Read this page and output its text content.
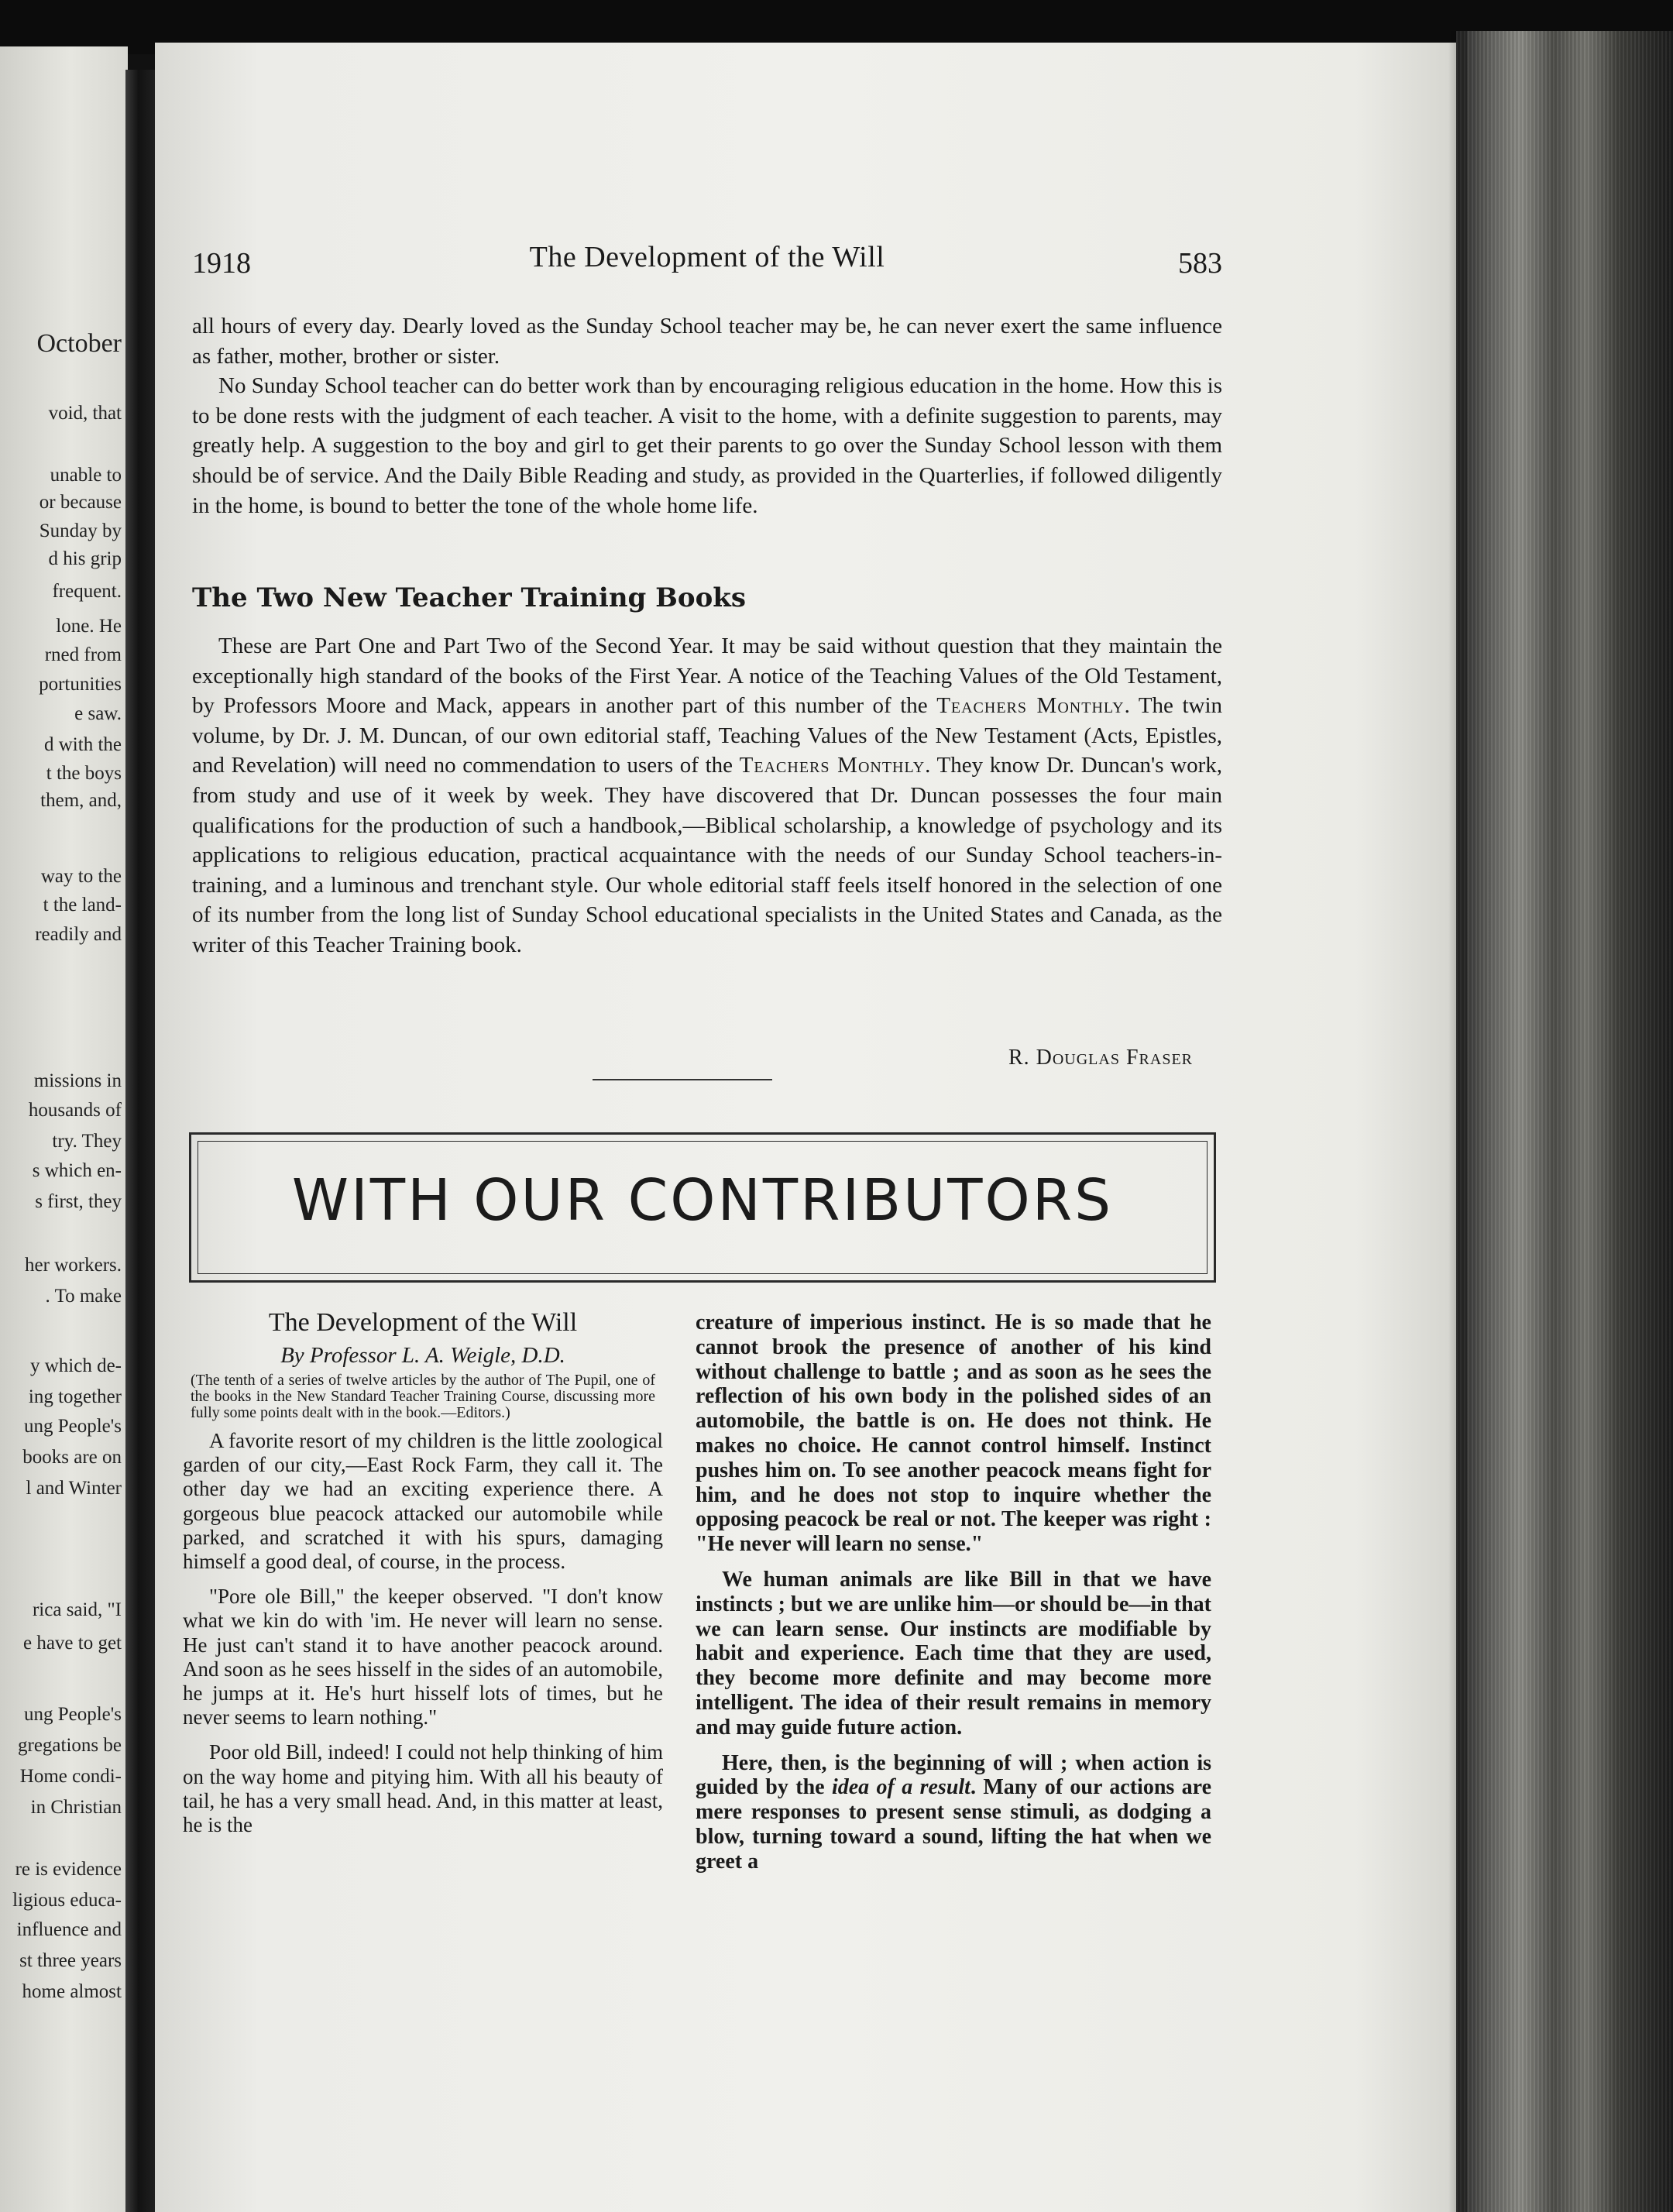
October
void, that
unable to
or because
Sunday by
d his grip
frequent.
lone. He
rned from
portunities
e saw.
d with the
t the boys
them, and,
way to the
t the land-
readily and
missions in
housands of
try. They
s which en-
s first, they
her workers.
. To make
y which de-
ing together
ung People's
books are on
l and Winter
rica said, "I
e have to get
ung People's
gregations be
Home condi-
in Christian
re is evidence
ligious educa-
influence and
st three years
home almost
1918	The Development of the Will	583

all hours of every day. Dearly loved as the Sunday School teacher may be, he can never exert the same influence as father, mother, brother or sister.

No Sunday School teacher can do better work than by encouraging religious education in the home. How this is to be done rests with the judgment of each teacher. A visit to the home, with a definite suggestion to parents, may greatly help. A suggestion to the boy and girl to get their parents to go over the Sunday School lesson with them should be of service. And the Daily Bible Reading and study, as provided in the Quarterlies, if followed diligently in the home, is bound to better the tone of the whole home life.

The Two New Teacher Training Books

These are Part One and Part Two of the Second Year. It may be said without question that they maintain the exceptionally high standard of the books of the First Year. A notice of the Teaching Values of the Old Testament, by Professors Moore and Mack, appears in another part of this number of the Teachers Monthly. The twin volume, by Dr. J. M. Duncan, of our own editorial staff, Teaching Values of the New Testament (Acts, Epistles, and Revelation) will need no commendation to users of the Teachers Monthly. They know Dr. Duncan's work, from study and use of it week by week. They have discovered that Dr. Duncan possesses the four main qualifications for the production of such a handbook,—Biblical scholarship, a knowledge of psychology and its applications to religious education, practical acquaintance with the needs of our Sunday School teachers-in-training, and a luminous and trenchant style. Our whole editorial staff feels itself honored in the selection of one of its number from the long list of Sunday School educational specialists in the United States and Canada, as the writer of this Teacher Training book.

R. Douglas Fraser
WITH OUR CONTRIBUTORS
The Development of the Will
By Professor L. A. Weigle, D.D.
(The tenth of a series of twelve articles by the author of The Pupil, one of the books in the New Standard Teacher Training Course, discussing more fully some points dealt with in the book.—Editors.)

A favorite resort of my children is the little zoological garden of our city,—East Rock Farm, they call it. The other day we had an exciting experience there. A gorgeous blue peacock attacked our automobile while parked, and scratched it with his spurs, damaging himself a good deal, of course, in the process.

"Pore ole Bill," the keeper observed. "I don't know what we kin do with 'im. He never will learn no sense. He just can't stand it to have another peacock around. And soon as he sees hisself in the sides of an automobile, he jumps at it. He's hurt hisself lots of times, but he never seems to learn nothing."

Poor old Bill, indeed! I could not help thinking of him on the way home and pitying him. With all his beauty of tail, he has a very small head. And, in this matter at least, he is the

creature of imperious instinct. He is so made that he cannot brook the presence of another of his kind without challenge to battle ; and as soon as he sees the reflection of his own body in the polished sides of an automobile, the battle is on. He does not think. He makes no choice. He cannot control himself. Instinct pushes him on. To see another peacock means fight for him, and he does not stop to inquire whether the opposing peacock be real or not. The keeper was right : "He never will learn no sense."

We human animals are like Bill in that we have instincts ; but we are unlike him—or should be—in that we can learn sense. Our instincts are modifiable by habit and experience. Each time that they are used, they become more definite and may become more intelligent. The idea of their result remains in memory and may guide future action.

Here, then, is the beginning of will ; when action is guided by the idea of a result. Many of our actions are mere responses to present sense stimuli, as dodging a blow, turning toward a sound, lifting the hat when we greet a
